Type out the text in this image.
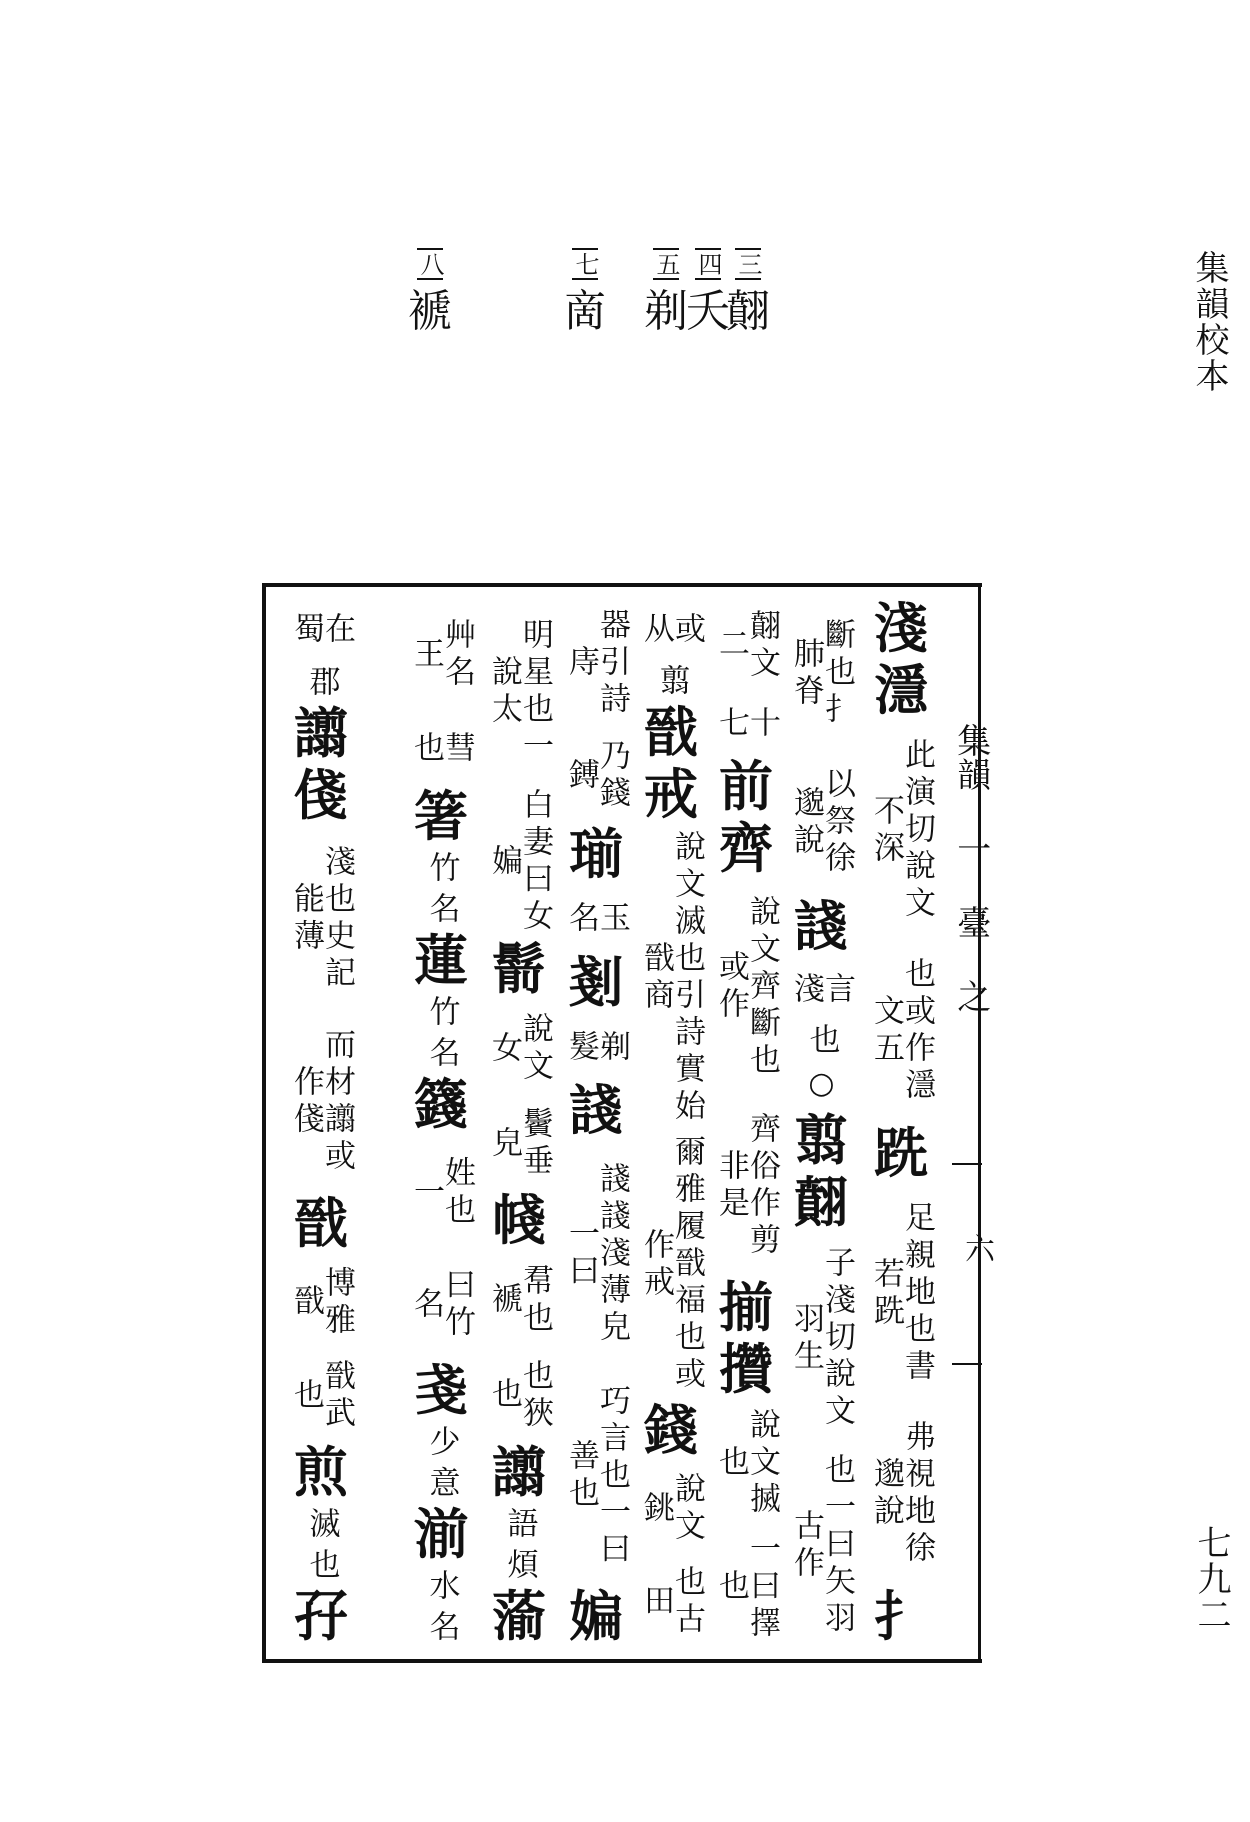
集韻校本
七九二
三
翸
四
夭
五
剃
七
啇
八
褫
集韻 一 臺 之
六
淺
濦
此演切說文不深
也或作濦文五
跣
足親地也書若跣
弗視地徐邈說
扌
斷也扌肺脊
以祭徐邈說
諓
言淺
也
○
翦
翸
子淺切說文羽生
也一曰矢羽古作
翸文二
十七
前
齊
說文齊斷也或作
齊俗作剪非是
揃
攢
說文搣也
一曰擇也
或从
翦
戩
戒
說文滅也引詩實始戩商
爾雅履戩福也或作戒
錢
說文銚
也古田
器引詩庤
乃錢鎛
瑐
玉名
剗
剃髮
諓
諓諓淺薄皃一曰
巧言也一曰善也
媥
明星也一說太
白妻曰女媥
鬋
說文女
鬢垂皃
帴
帬也褫
也狹也
譾
語
煩
蕍
艸名王
彗也
箸
竹
名
蓮
竹
名
籛
姓也一
曰竹名
戔
少
意
湔
水
名
在蜀
郡
譾
俴
淺也史記能薄
而材譾或作俴
戩
博雅戩
戩武也
煎
滅
也
孖
